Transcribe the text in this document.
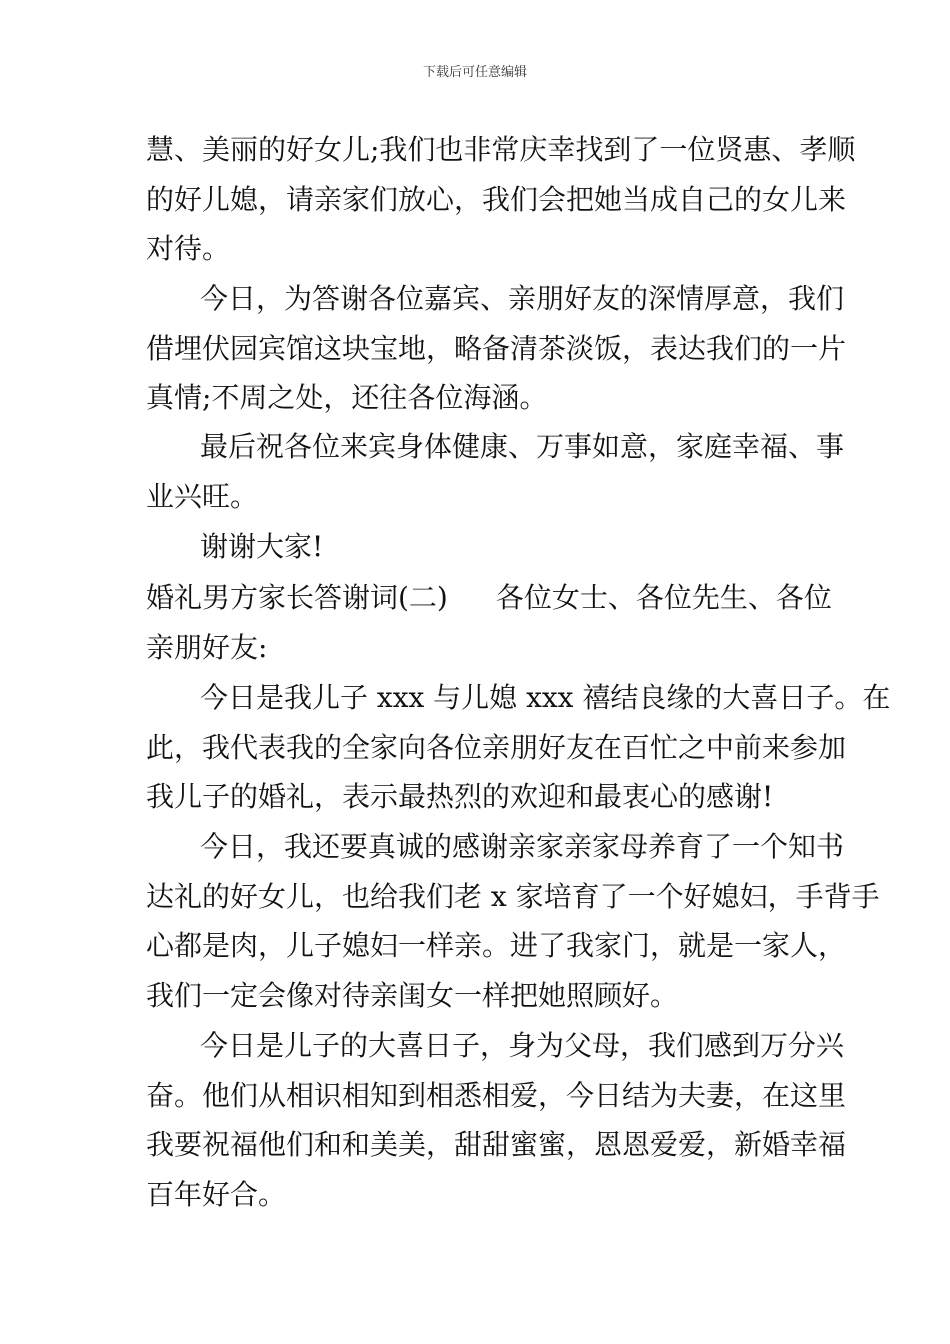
下载后可任意编辑
慧、美丽的好女儿;我们也非常庆幸找到了一位贤惠、孝顺
的好儿媳，请亲家们放心，我们会把她当成自己的女儿来
对待。
今日，为答谢各位嘉宾、亲朋好友的深情厚意，我们
借埋伏园宾馆这块宝地，略备清茶淡饭，表达我们的一片
真情;不周之处，还往各位海涵。
最后祝各位来宾身体健康、万事如意，家庭幸福、事
业兴旺。
谢谢大家!
婚礼男方家长答谢词(二) 各位女士、各位先生、各位
亲朋好友:
今日是我儿子 xxx 与儿媳 xxx 禧结良缘的大喜日子。在
此，我代表我的全家向各位亲朋好友在百忙之中前来参加
我儿子的婚礼，表示最热烈的欢迎和最衷心的感谢!
今日，我还要真诚的感谢亲家亲家母养育了一个知书
达礼的好女儿，也给我们老 x 家培育了一个好媳妇，手背手
心都是肉，儿子媳妇一样亲。进了我家门，就是一家人，
我们一定会像对待亲闺女一样把她照顾好。
今日是儿子的大喜日子，身为父母，我们感到万分兴
奋。他们从相识相知到相悉相爱，今日结为夫妻，在这里
我要祝福他们和和美美，甜甜蜜蜜，恩恩爱爱，新婚幸福
百年好合。
